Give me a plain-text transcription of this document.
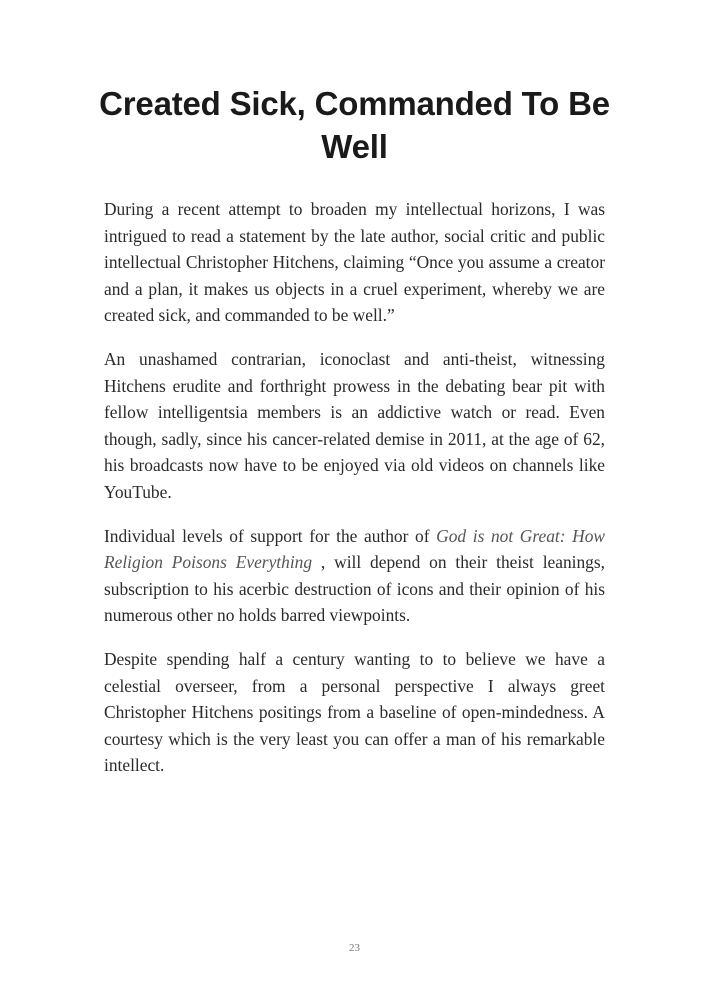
Created Sick, Commanded To Be Well

During a recent attempt to broaden my intellectual horizons, I was intrigued to read a statement by the late author, social critic and public intellectual Christopher Hitchens, claiming “Once you assume a creator and a plan, it makes us objects in a cruel experiment, whereby we are created sick, and commanded to be well.”

An unashamed contrarian, iconoclast and anti-theist, witnessing Hitchens erudite and forthright prowess in the debating bear pit with fellow intelligentsia members is an addictive watch or read. Even though, sadly, since his cancer-related demise in 2011, at the age of 62, his broadcasts now have to be enjoyed via old videos on channels like YouTube.

Individual levels of support for the author of God is not Great: How Religion Poisons Everything , will depend on their theist leanings, subscription to his acerbic destruction of icons and their opinion of his numerous other no holds barred viewpoints.

Despite spending half a century wanting to to believe we have a celestial overseer, from a personal perspective I always greet Christopher Hitchens positings from a baseline of open-mindedness. A courtesy which is the very least you can offer a man of his remarkable intellect.

23
